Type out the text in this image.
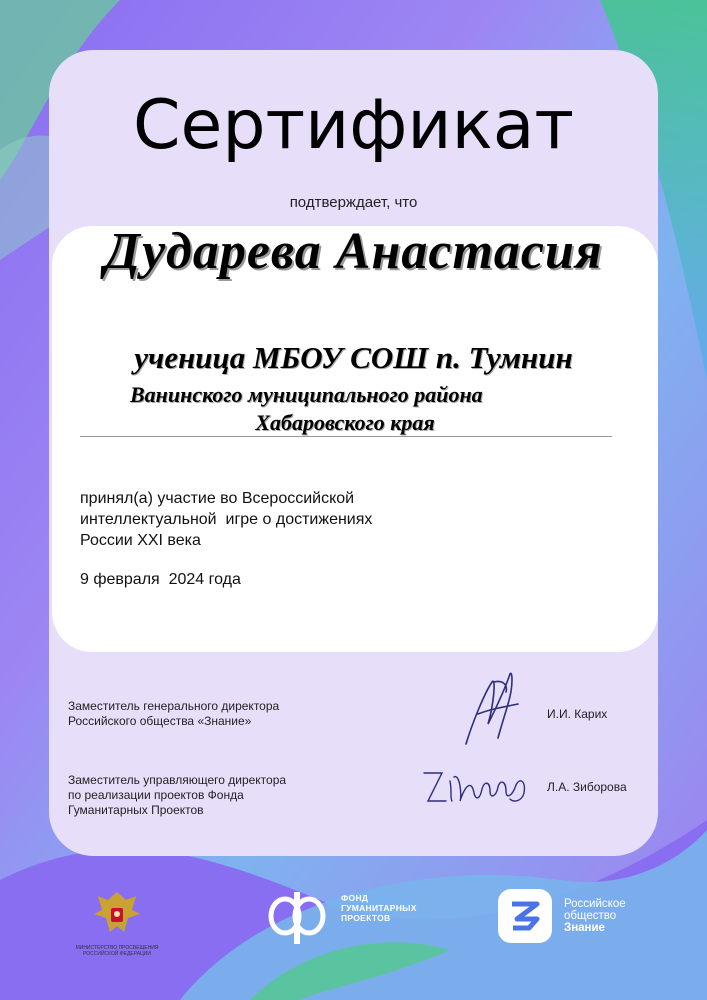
Сертификат
подтверждает, что
Дударева Анастасия
ученица МБОУ СОШ п. Тумнин
Ванинского муниципального района
Хабаровского края
принял(а) участие во Всероссийской
интеллектуальной  игре о достижениях
России XXI века
9 февраля  2024 года
Заместитель генерального директора
Российского общества «Знание»	И.И. Карих
Заместитель управляющего директора
по реализации проектов Фонда
Гуманитарных Проектов
Л.А. Зиборова
МИНИСТЕРСТВО ПРОСВЕЩЕНИЯ РОССИЙСКОЙ ФЕДЕРАЦИИ
ФОНД
ГУМАНИТАРНЫХ
ПРОЕКТОВ
Российское
общество
Знание
